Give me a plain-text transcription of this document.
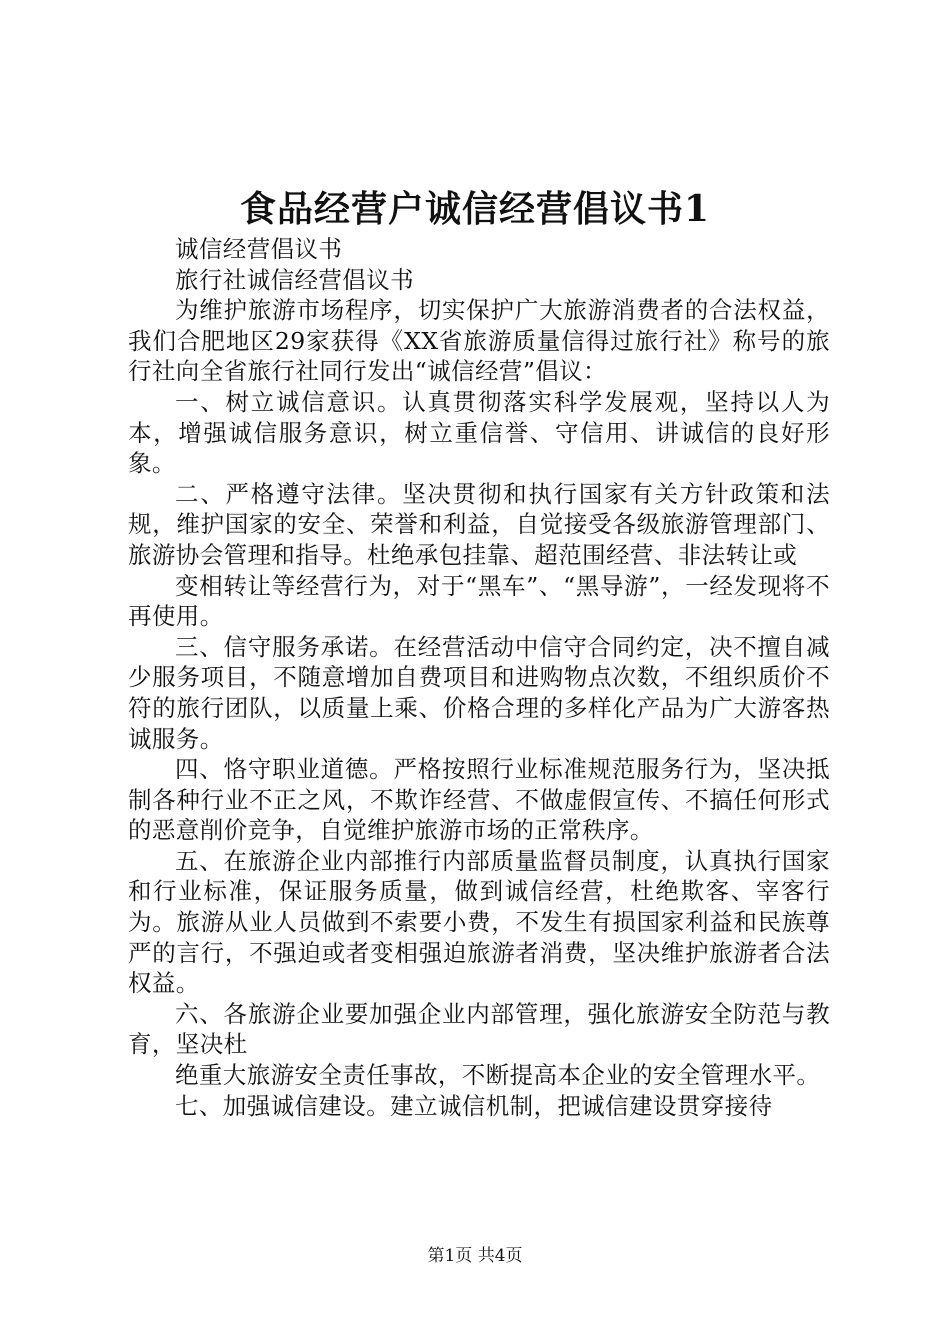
食品经营户诚信经营倡议书1

诚信经营倡议书

旅行社诚信经营倡议书

为维护旅游市场程序，切实保护广大旅游消费者的合法权益，我们合肥地区29家获得《XX省旅游质量信得过旅行社》称号的旅行社向全省旅行社同行发出“诚信经营”倡议：

一、树立诚信意识。认真贯彻落实科学发展观，坚持以人为本，增强诚信服务意识，树立重信誉、守信用、讲诚信的良好形象。

二、严格遵守法律。坚决贯彻和执行国家有关方针政策和法规，维护国家的安全、荣誉和利益，自觉接受各级旅游管理部门、旅游协会管理和指导。杜绝承包挂靠、超范围经营、非法转让或

变相转让等经营行为，对于“黑车”、“黑导游”，一经发现将不再使用。

三、信守服务承诺。在经营活动中信守合同约定，决不擅自减少服务项目，不随意增加自费项目和进购物点次数，不组织质价不符的旅行团队，以质量上乘、价格合理的多样化产品为广大游客热诚服务。

四、恪守职业道德。严格按照行业标准规范服务行为，坚决抵制各种行业不正之风，不欺诈经营、不做虚假宣传、不搞任何形式的恶意削价竞争，自觉维护旅游市场的正常秩序。

五、在旅游企业内部推行内部质量监督员制度，认真执行国家和行业标准，保证服务质量，做到诚信经营，杜绝欺客、宰客行为。旅游从业人员做到不索要小费，不发生有损国家利益和民族尊严的言行，不强迫或者变相强迫旅游者消费，坚决维护旅游者合法权益。

六、各旅游企业要加强企业内部管理，强化旅游安全防范与教育，坚决杜

绝重大旅游安全责任事故，不断提高本企业的安全管理水平。

七、加强诚信建设。建立诚信机制，把诚信建设贯穿接待

第1页 共4页
